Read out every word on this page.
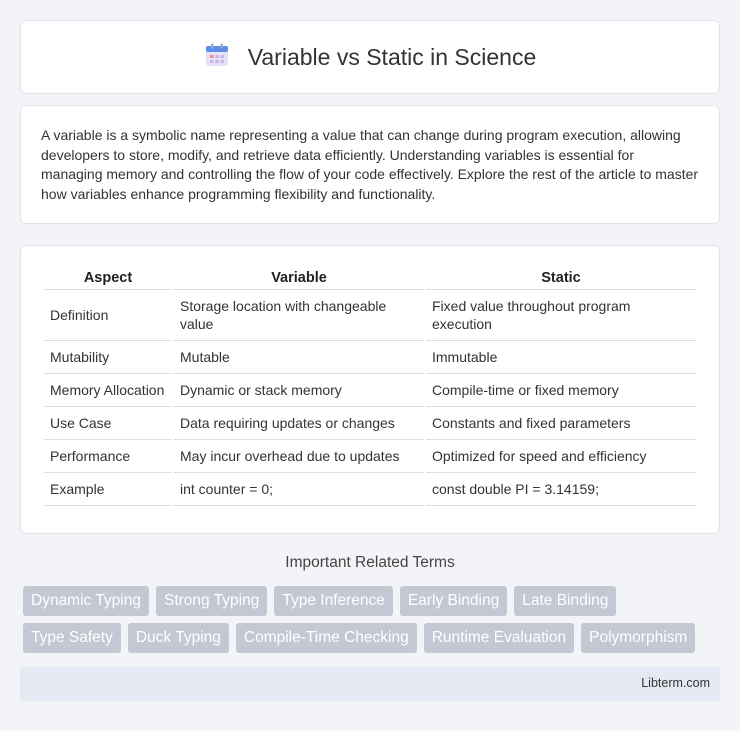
Variable vs Static in Science

A variable is a symbolic name representing a value that can change during program execution, allowing developers to store, modify, and retrieve data efficiently. Understanding variables is essential for managing memory and controlling the flow of your code effectively. Explore the rest of the article to master how variables enhance programming flexibility and functionality.

Aspect	Variable	Static
Definition	Storage location with changeable value	Fixed value throughout program execution
Mutability	Mutable	Immutable
Memory Allocation	Dynamic or stack memory	Compile-time or fixed memory
Use Case	Data requiring updates or changes	Constants and fixed parameters
Performance	May incur overhead due to updates	Optimized for speed and efficiency
Example	int counter = 0;	const double PI = 3.14159;
Important Related Terms
Dynamic Typing	Strong Typing	Type Inference	Early Binding	Late Binding
Type Safety	Duck Typing	Compile-Time Checking	Runtime Evaluation	Polymorphism
Libterm.com
